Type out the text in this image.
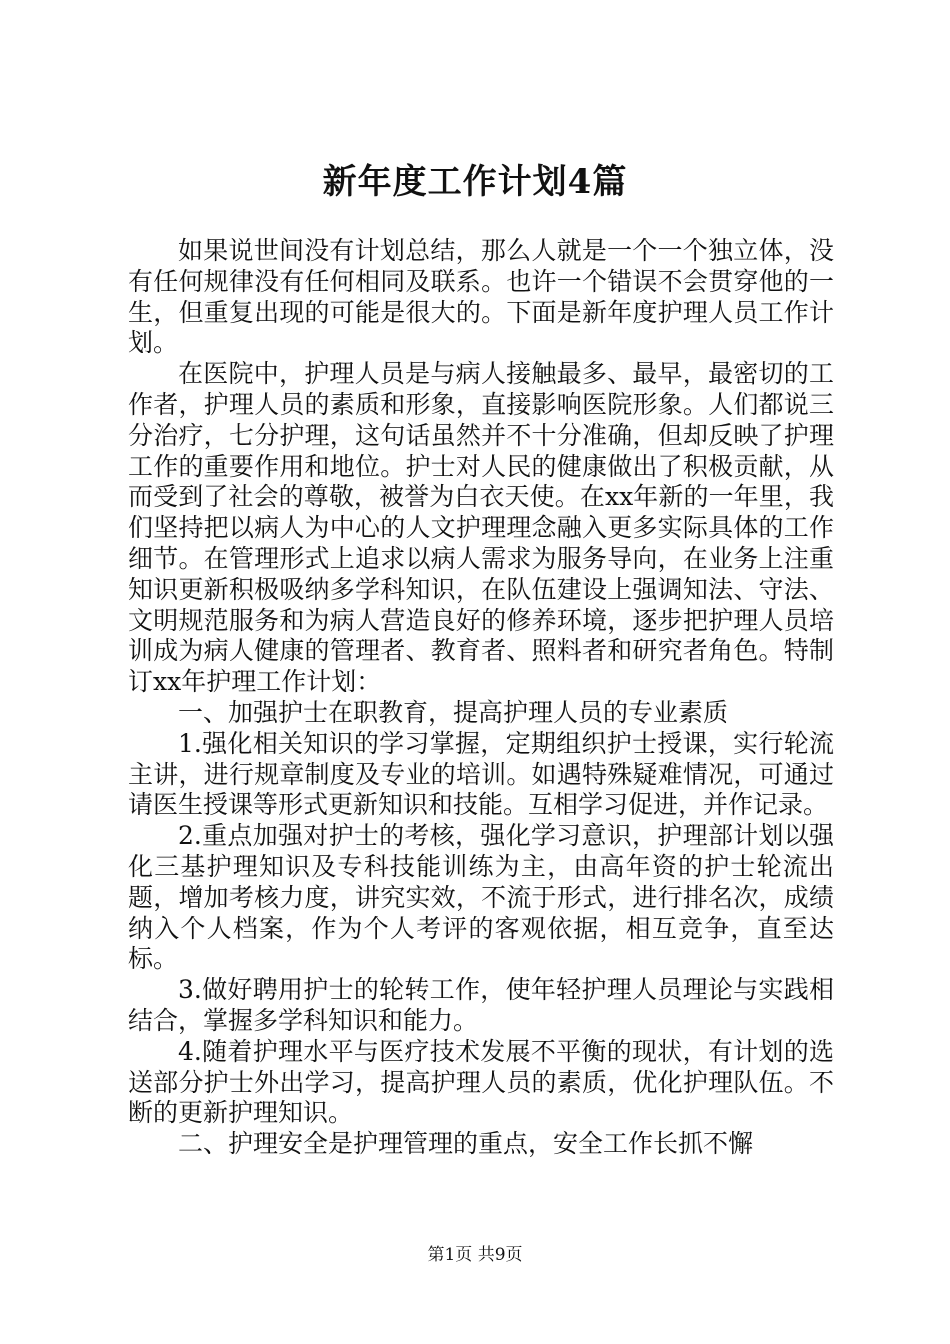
新年度工作计划4篇

如果说世间没有计划总结，那么人就是一个一个独立体，没有任何规律没有任何相同及联系。也许一个错误不会贯穿他的一生，但重复出现的可能是很大的。下面是新年度护理人员工作计划。

在医院中，护理人员是与病人接触最多、最早，最密切的工作者，护理人员的素质和形象，直接影响医院形象。人们都说三分治疗，七分护理，这句话虽然并不十分准确，但却反映了护理工作的重要作用和地位。护士对人民的健康做出了积极贡献，从而受到了社会的尊敬，被誉为白衣天使。在xx年新的一年里，我们坚持把以病人为中心的人文护理理念融入更多实际具体的工作细节。在管理形式上追求以病人需求为服务导向，在业务上注重知识更新积极吸纳多学科知识，在队伍建设上强调知法、守法、文明规范服务和为病人营造良好的修养环境，逐步把护理人员培训成为病人健康的管理者、教育者、照料者和研究者角色。特制订xx年护理工作计划：

一、加强护士在职教育，提高护理人员的专业素质

1.强化相关知识的学习掌握，定期组织护士授课，实行轮流主讲，进行规章制度及专业的培训。如遇特殊疑难情况，可通过请医生授课等形式更新知识和技能。互相学习促进，并作记录。

2.重点加强对护士的考核，强化学习意识，护理部计划以强化三基护理知识及专科技能训练为主，由高年资的护士轮流出题，增加考核力度，讲究实效，不流于形式，进行排名次，成绩纳入个人档案，作为个人考评的客观依据，相互竞争，直至达标。

3.做好聘用护士的轮转工作，使年轻护理人员理论与实践相结合，掌握多学科知识和能力。

4.随着护理水平与医疗技术发展不平衡的现状，有计划的选送部分护士外出学习，提高护理人员的素质，优化护理队伍。不断的更新护理知识。

二、护理安全是护理管理的重点，安全工作长抓不懈

第1页 共9页
